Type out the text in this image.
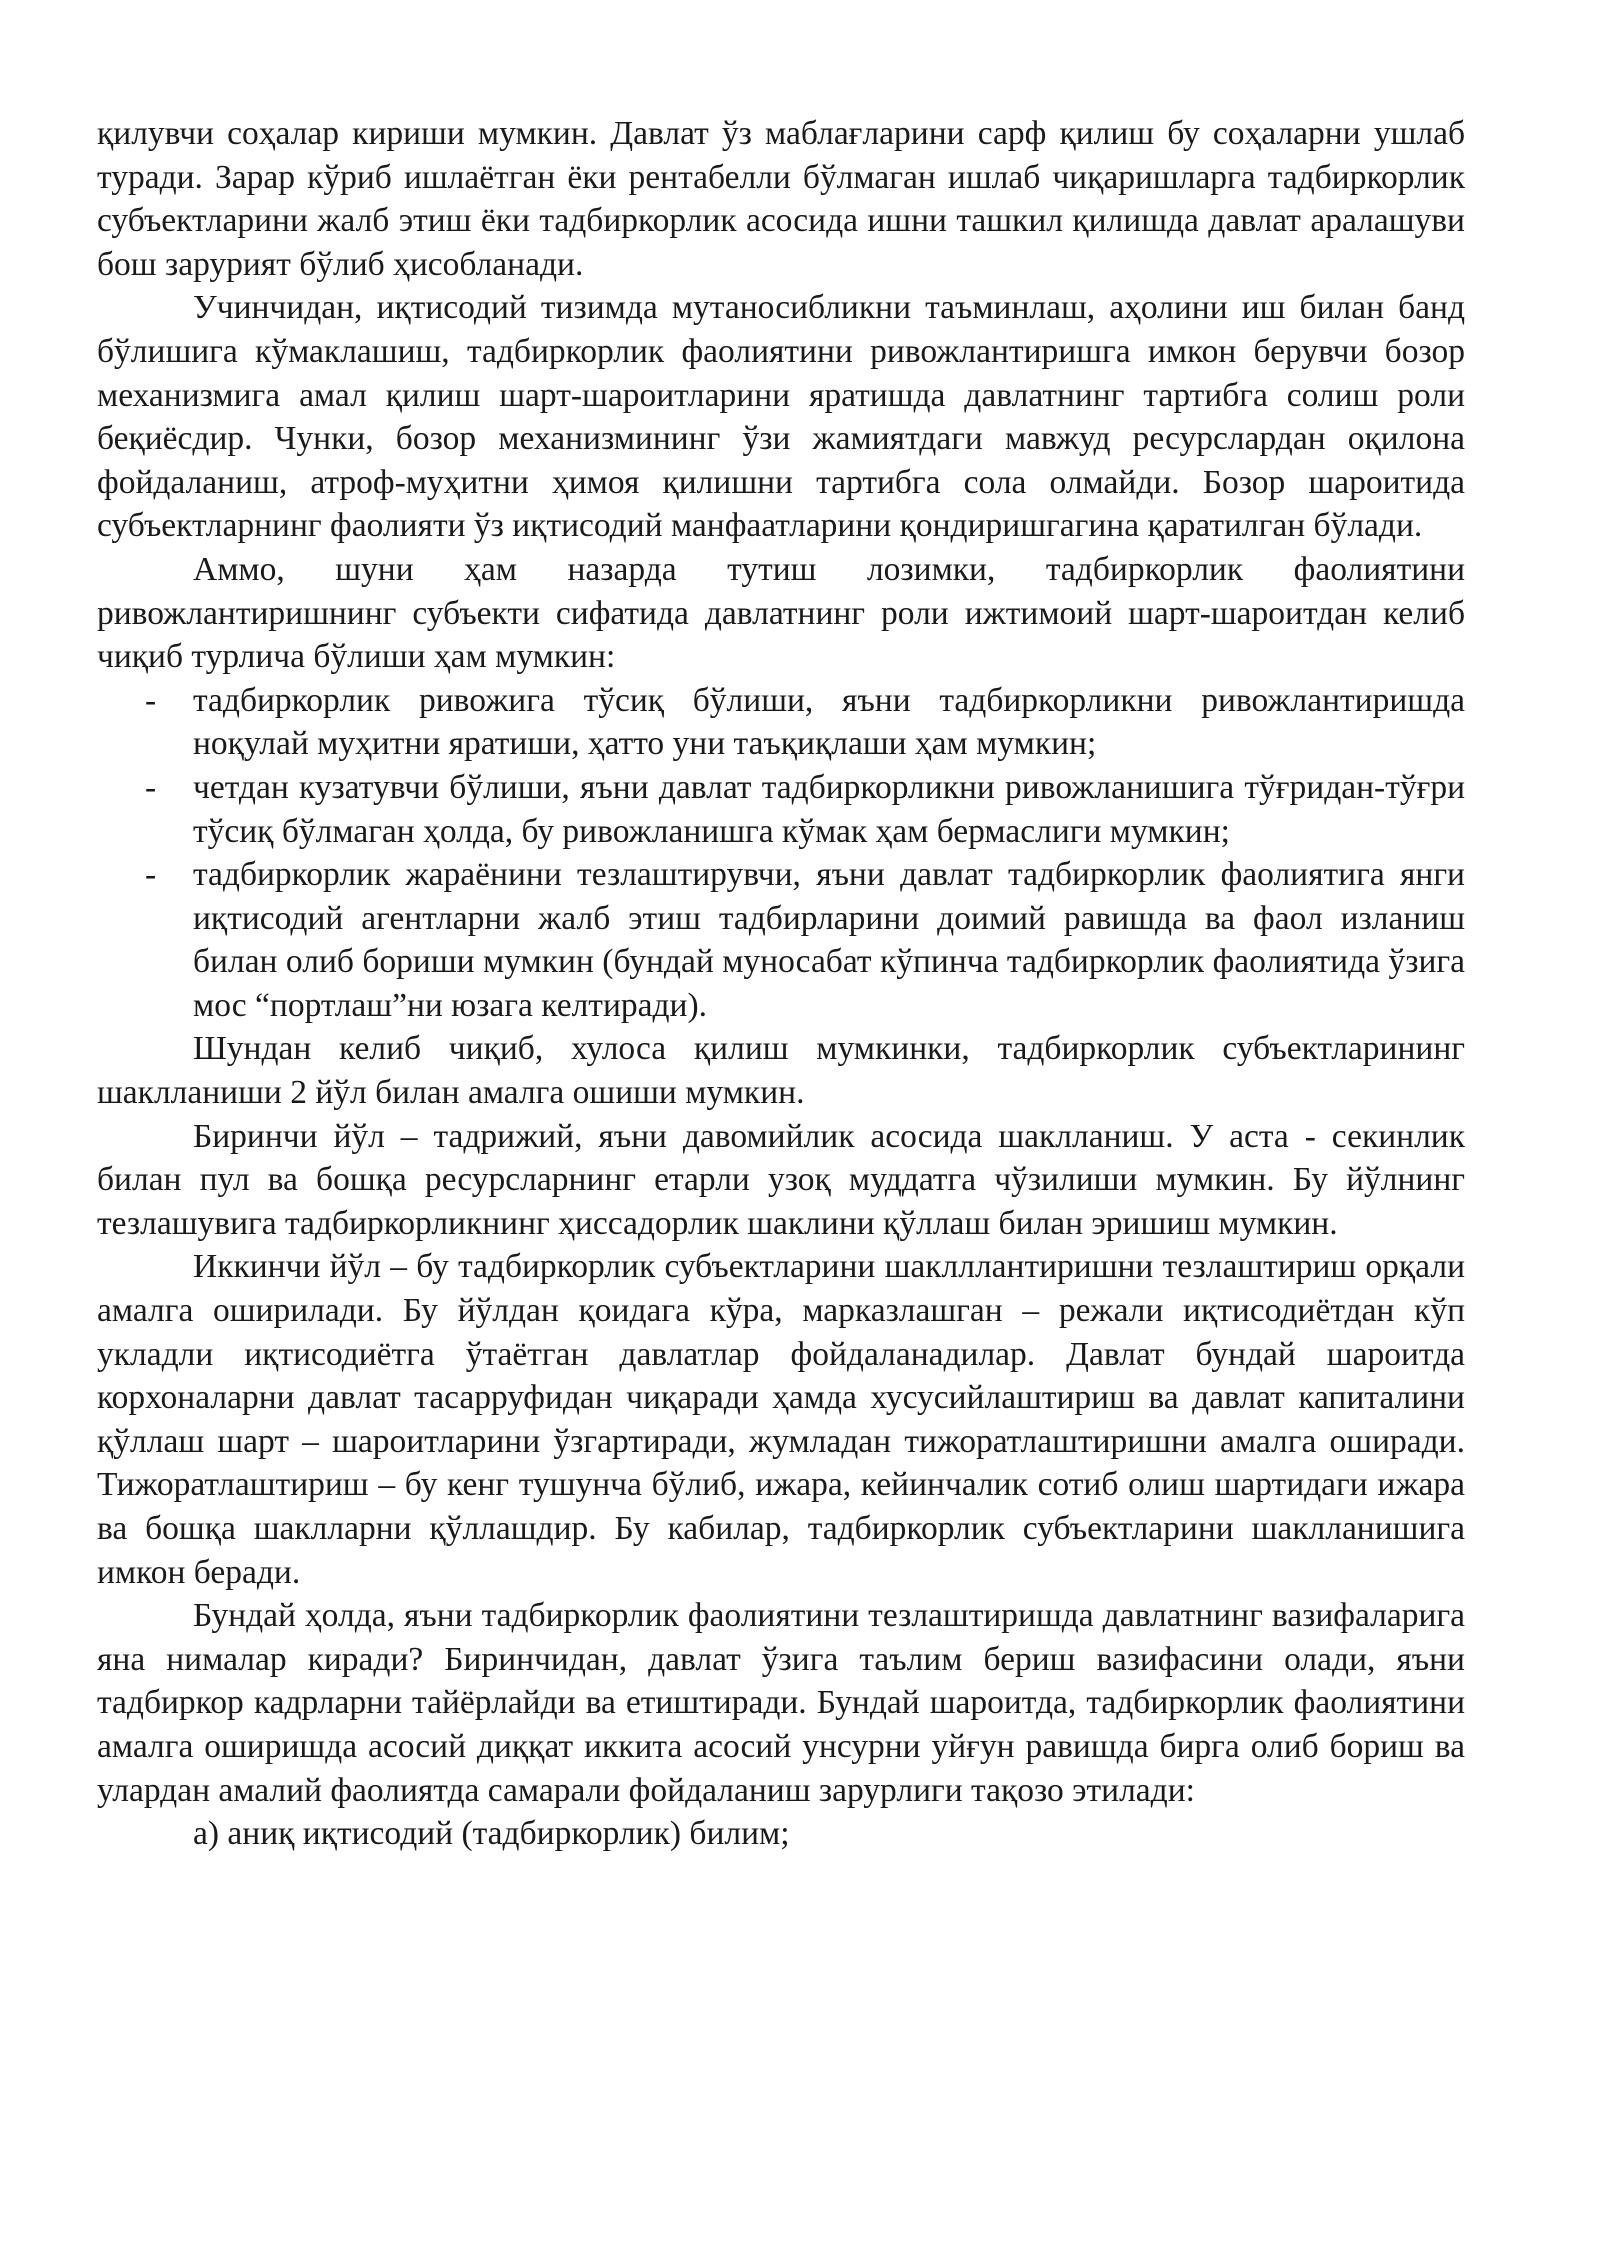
қилувчи соҳалар кириши мумкин. Давлат ўз маблағларини сарф қилиш бу соҳаларни ушлаб туради. Зарар кўриб ишлаётган ёки рентабелли бўлмаган ишлаб чиқаришларга тадбиркорлик субъектларини жалб этиш ёки тадбиркорлик асосида ишни ташкил қилишда давлат аралашуви бош зарурият бўлиб ҳисобланади.

Учинчидан, иқтисодий тизимда мутаносибликни таъминлаш, аҳолини иш билан банд бўлишига кўмаклашиш, тадбиркорлик фаолиятини ривожлантиришга имкон берувчи бозор механизмига амал қилиш шарт-шароитларини яратишда давлатнинг тартибга солиш роли беқиёсдир. Чунки, бозор механизмининг ўзи жамиятдаги мавжуд ресурслардан оқилона фойдаланиш, атроф-муҳитни ҳимоя қилишни тартибга сола олмайди. Бозор шароитида субъектларнинг фаолияти ўз иқтисодий манфаатларини қондиришгагина қаратилган бўлади.

Аммо, шуни ҳам назарда тутиш лозимки, тадбиркорлик фаолиятини ривожлантиришнинг субъекти сифатида давлатнинг роли ижтимоий шарт-шароитдан келиб чиқиб турлича бўлиши ҳам мумкин:

- тадбиркорлик ривожига тўсиқ бўлиши, яъни тадбиркорликни ривожлантиришда ноқулай муҳитни яратиши, ҳатто уни таъқиқлаши ҳам мумкин;
- четдан кузатувчи бўлиши, яъни давлат тадбиркорликни ривожланишига тўғридан-тўғри тўсиқ бўлмаган ҳолда, бу ривожланишга кўмак ҳам бермаслиги мумкин;
- тадбиркорлик жараёнини тезлаштирувчи, яъни давлат тадбиркорлик фаолиятига янги иқтисодий агентларни жалб этиш тадбирларини доимий равишда ва фаол изланиш билан олиб бориши мумкин (бундай муносабат кўпинча тадбиркорлик фаолиятида ўзига мос “портлаш”ни юзага келтиради).

Шундан келиб чиқиб, хулоса қилиш мумкинки, тадбиркорлик субъектларининг шаклланиши 2 йўл билан амалга ошиши мумкин.

Биринчи йўл – тадрижий, яъни давомийлик асосида шаклланиш. У аста - секинлик билан пул ва бошқа ресурсларнинг етарли узоқ муддатга чўзилиши мумкин. Бу йўлнинг тезлашувига тадбиркорликнинг ҳиссадорлик шаклини қўллаш билан эришиш мумкин.

Иккинчи йўл – бу тадбиркорлик субъектларини шаклллантиришни тезлаштириш орқали амалга оширилади. Бу йўлдан қоидага кўра, марказлашган – режали иқтисодиётдан кўп укладли иқтисодиётга ўтаётган давлатлар фойдаланадилар. Давлат бундай шароитда корхоналарни давлат тасарруфидан чиқаради ҳамда хусусийлаштириш ва давлат капиталини қўллаш шарт – шароитларини ўзгартиради, жумладан тижоратлаштиришни амалга оширади. Тижоратлаштириш – бу кенг тушунча бўлиб, ижара, кейинчалик сотиб олиш шартидаги ижара ва бошқа шаклларни қўллашдир. Бу кабилар, тадбиркорлик субъектларини шаклланишига имкон беради.

Бундай ҳолда, яъни тадбиркорлик фаолиятини тезлаштиришда давлатнинг вазифаларига яна нималар киради? Биринчидан, давлат ўзига таълим бериш вазифасини олади, яъни тадбиркор кадрларни тайёрлайди ва етиштиради. Бундай шароитда, тадбиркорлик фаолиятини амалга оширишда асосий диққат иккита асосий унсурни уйғун равишда бирга олиб бориш ва улардан амалий фаолиятда самарали фойдаланиш зарурлиги тақозо этилади:

а) аниқ иқтисодий (тадбиркорлик) билим;
